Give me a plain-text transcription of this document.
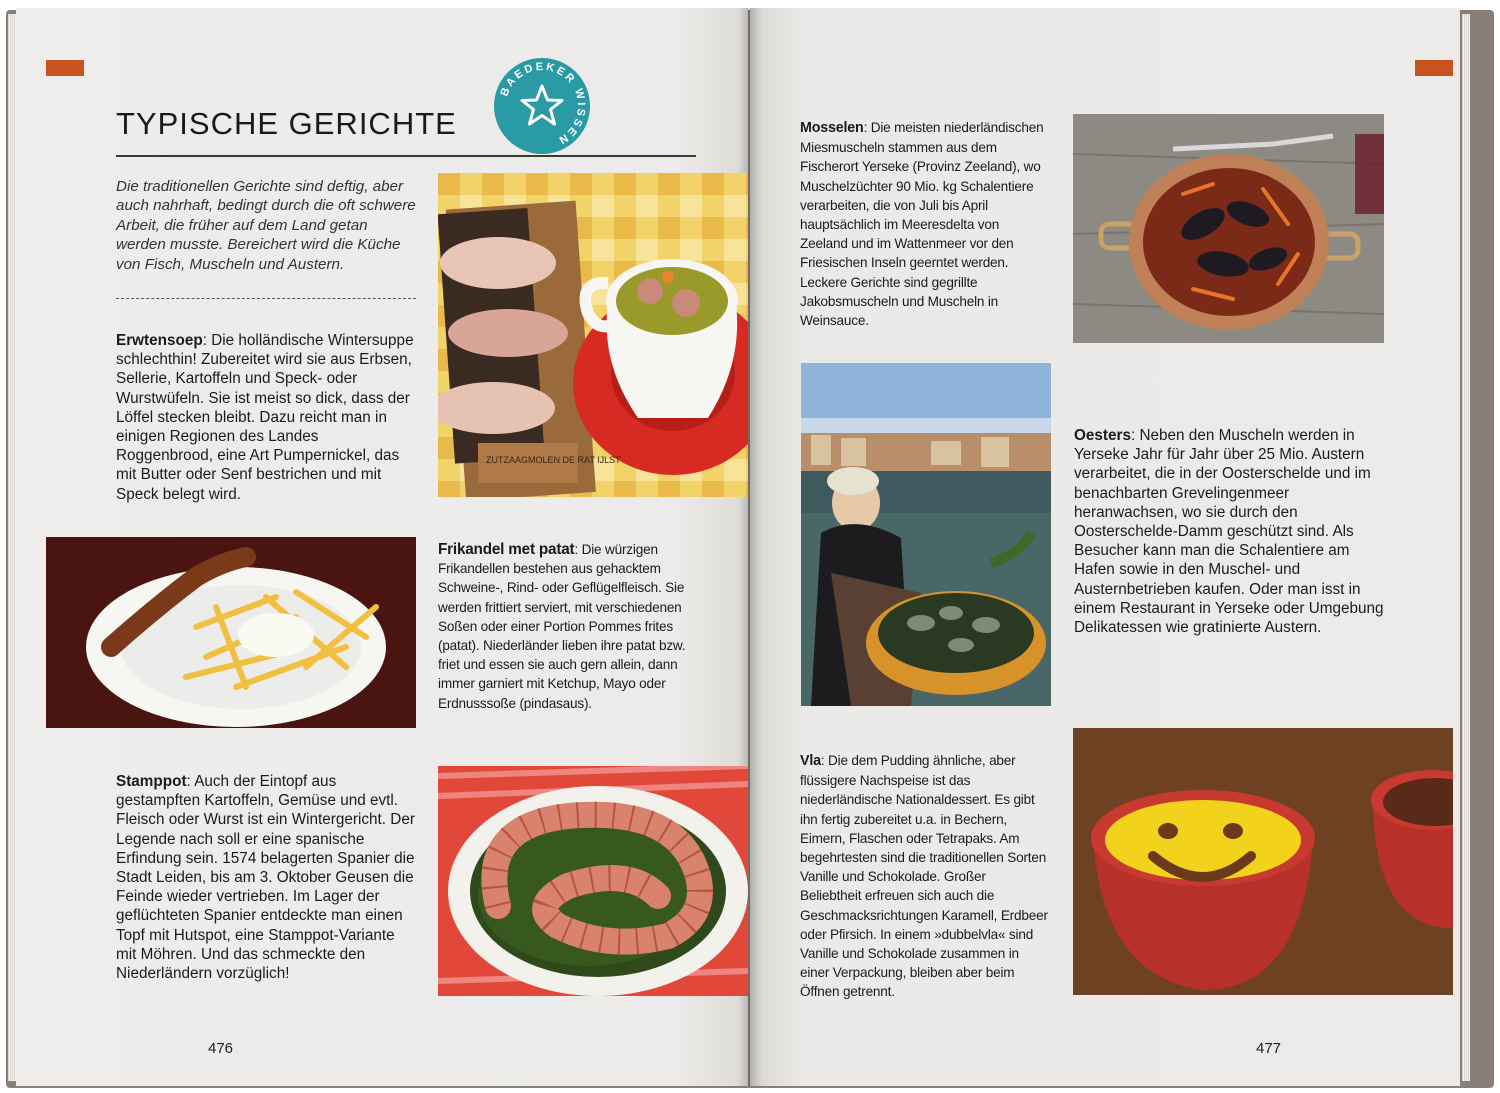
TYPISCHE GERICHTE
BAEDEKER WISSEN
Die traditionellen Gerichte sind deftig, aber auch nahrhaft, bedingt durch die oft schwere Arbeit, die früher auf dem Land getan werden musste. Bereichert wird die Küche von Fisch, Muscheln und Austern.
Erwtensoep: Die holländische Wintersuppe schlechthin! Zubereitet wird sie aus Erbsen, Sellerie, Kartoffeln und Speck- oder Wurstwüfeln. Sie ist meist so dick, dass der Löffel stecken bleibt. Dazu reicht man in einigen Regionen des Landes Roggenbrood, eine Art Pumpernickel, das mit Butter oder Senf bestrichen und mit Speck belegt wird.
Frikandel met patat: Die würzigen Frikandellen bestehen aus gehacktem Schweine-, Rind- oder Geflügelfleisch. Sie werden frittiert serviert, mit verschiedenen Soßen oder einer Portion Pommes frites (patat). Niederländer lieben ihre patat bzw. friet und essen sie auch gern allein, dann immer garniert mit Ketchup, Mayo oder Erdnusssoße (pindasaus).
Stamppot: Auch der Eintopf aus gestampften Kartoffeln, Gemüse und evtl. Fleisch oder Wurst ist ein Wintergericht. Der Legende nach soll er eine spanische Erfindung sein. 1574 belagerten Spanier die Stadt Leiden, bis am 3. Oktober Geusen die Feinde wieder vertrieben. Im Lager der geflüchteten Spanier entdeckte man einen Topf mit Hutspot, eine Stamppot-Variante mit Möhren. Und das schmeckte den Niederländern vorzüglich!
ZUTZAAGMOLEN DE RAT IJLST
476
Mosselen: Die meisten niederländischen Miesmuscheln stammen aus dem Fischerort Yerseke (Provinz Zeeland), wo Muschelzüchter 90 Mio. kg Schalentiere verarbeiten, die von Juli bis April hauptsächlich im Meeresdelta von Zeeland und im Wattenmeer vor den Friesischen Inseln geerntet werden. Leckere Gerichte sind gegrillte Jakobsmuscheln und Muscheln in Weinsauce.
Oesters: Neben den Muscheln werden in Yerseke Jahr für Jahr über 25 Mio. Austern verarbeitet, die in der Oosterschelde und im benachbarten Grevelingenmeer heranwachsen, wo sie durch den Oosterschelde-Damm geschützt sind. Als Besucher kann man die Schalentiere am Hafen sowie in den Muschel- und Austernbetrieben kaufen. Oder man isst in einem Restaurant in Yerseke oder Umgebung Delikatessen wie gratinierte Austern.
Vla: Die dem Pudding ähnliche, aber flüssigere Nachspeise ist das niederländische Nationaldessert. Es gibt ihn fertig zubereitet u.a. in Bechern, Eimern, Flaschen oder Tetrapaks. Am begehrtesten sind die traditionellen Sorten Vanille und Schokolade. Großer Beliebtheit erfreuen sich auch die Geschmacksrichtungen Karamell, Erdbeer oder Pfirsich. In einem »dubbelvla« sind Vanille und Schokolade zusammen in einer Verpackung, bleiben aber beim Öffnen getrennt.
477
